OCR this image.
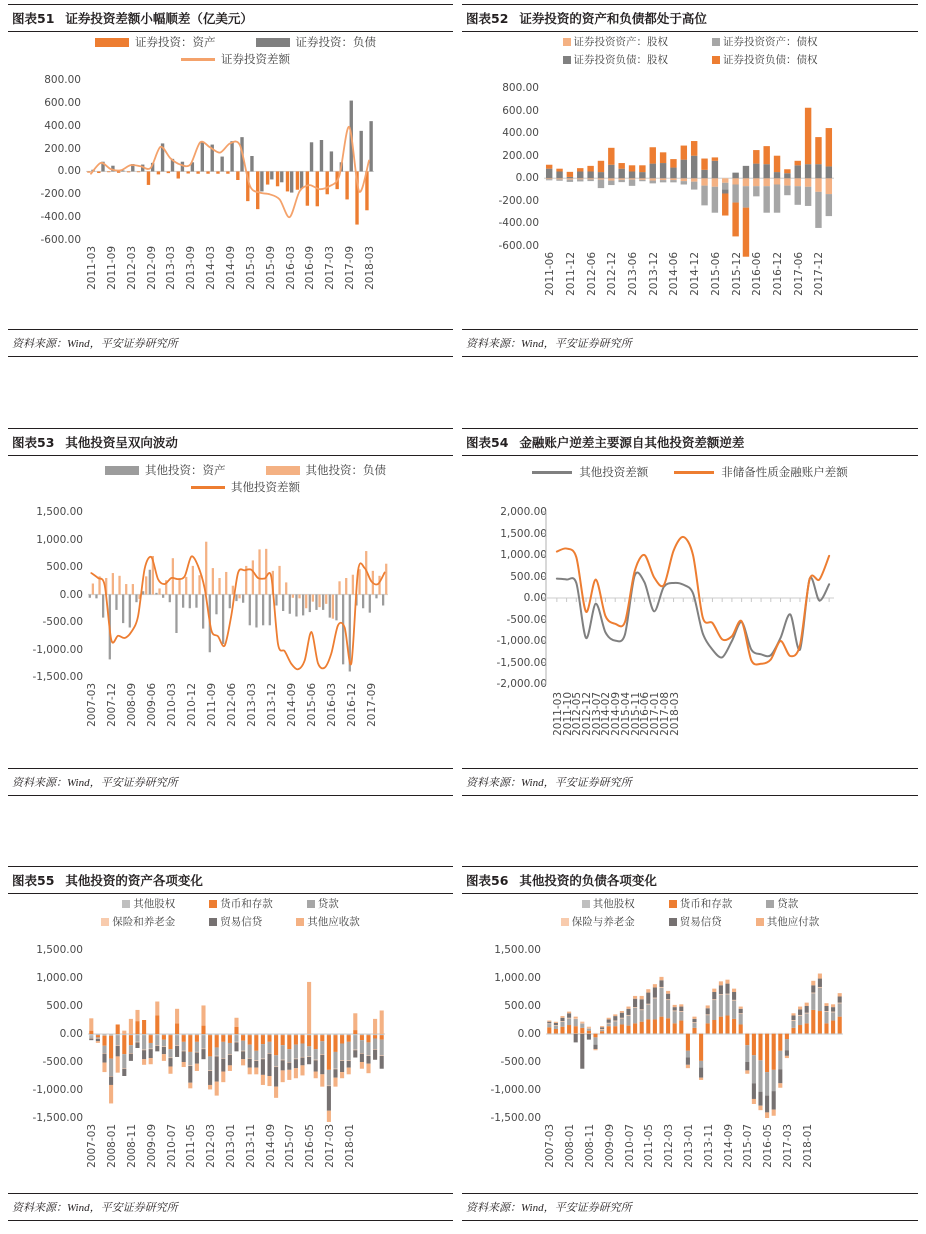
图表51 证券投资差额小幅顺差（亿美元）
证券投资：资产	证券投资：负债
证券投资差额
800.00
600.00
400.00
200.00
0.00
-200.00
-400.00
-600.00
2011-03 2011-09 2012-03 2012-09 2013-03 2013-09 2014-03 2014-09 2015-03 2015-09 2016-03 2016-09 2017-03 2017-09 2018-03
资料来源：Wind，平安证券研究所
图表52 证券投资的资产和负债都处于高位
证券投资资产：股权	证券投资资产：债权
证券投资负债：股权	证券投资负债：债权
800.00
600.00
400.00
200.00
0.00
-200.00
-400.00
-600.00
2011-06 2011-12 2012-06 2012-12 2013-06 2013-12 2014-06 2014-12 2015-06 2015-12 2016-06 2016-12 2017-06 2017-12
资料来源：Wind，平安证券研究所
图表53 其他投资呈双向波动
其他投资：资产	其他投资：负债
其他投资差额
1,500.00
1,000.00
500.00
0.00
-500.00
-1,000.00
-1,500.00
2007-03 2007-12 2008-09 2009-06 2010-03 2010-12 2011-09 2012-06 2013-03 2013-12 2014-09 2015-06 2016-03 2016-12 2017-09
资料来源：Wind，平安证券研究所
图表54 金融账户逆差主要源自其他投资差额逆差
其他投资差额	非储备性质金融账户差额
2,000.00
1,500.00
1,000.00
500.00
0.00
-500.00
-1,000.00
-1,500.00
-2,000.00
2011-03
2011-10
2012-05
2012-12
2013-07
2014-02
2014-09
2015-04
2015-11
2016-06
2017-01
2017-08
2018-03
资料来源：Wind，平安证券研究所
图表55 其他投资的资产各项变化
其他股权	货币和存款	贷款
保险和养老金	贸易信贷	其他应收款
1,500.00
1,000.00
500.00
0.00
-500.00
-1,000.00
-1,500.00
2007-03 2008-01 2008-11 2009-09 2010-07 2011-05 2012-03 2013-01 2013-11 2014-09 2015-07 2016-05 2017-03 2018-01
资料来源：Wind，平安证券研究所
图表56 其他投资的负债各项变化
其他股权	货币和存款	贷款
保险与养老金	贸易信贷	其他应付款
1,500.00
1,000.00
500.00
0.00
-500.00
-1,000.00
-1,500.00
2007-03 2008-01 2008-11 2009-09 2010-07 2011-05 2012-03 2013-01 2013-11 2014-09 2015-07 2016-05 2017-03 2018-01
资料来源：Wind，平安证券研究所
